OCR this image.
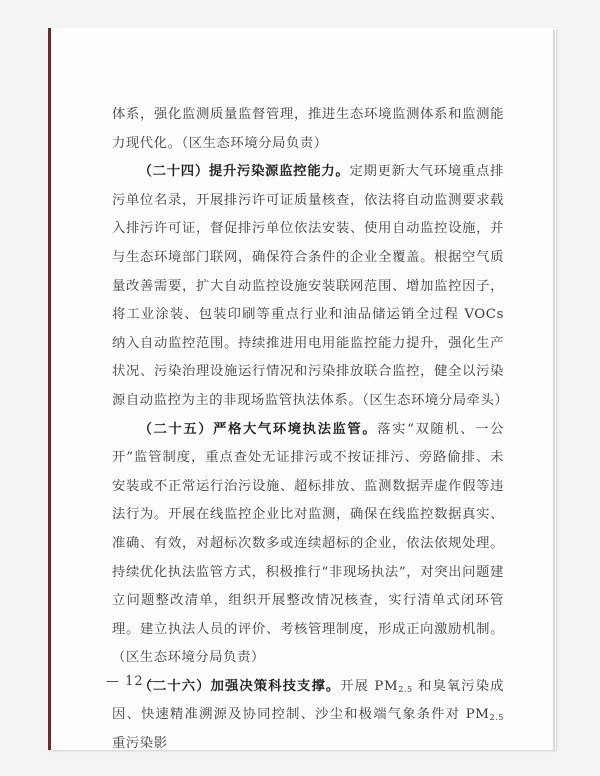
体系，强化监测质量监督管理，推进生态环境监测体系和监测能力现代化。（区生态环境分局负责）

（二十四）提升污染源监控能力。定期更新大气环境重点排污单位名录，开展排污许可证质量核查，依法将自动监测要求载入排污许可证，督促排污单位依法安装、使用自动监控设施，并与生态环境部门联网，确保符合条件的企业全覆盖。根据空气质量改善需要，扩大自动监控设施安装联网范围、增加监控因子，将工业涂装、包装印刷等重点行业和油品储运销全过程 VOCs 纳入自动监控范围。持续推进用电用能监控能力提升，强化生产状况、污染治理设施运行情况和污染排放联合监控，健全以污染源自动监控为主的非现场监管执法体系。（区生态环境分局牵头）

（二十五）严格大气环境执法监管。落实“双随机、一公开”监管制度，重点查处无证排污或不按证排污、旁路偷排、未安装或不正常运行治污设施、超标排放、监测数据弄虚作假等违法行为。开展在线监控企业比对监测，确保在线监控数据真实、准确、有效，对超标次数多或连续超标的企业，依法依规处理。持续优化执法监管方式，积极推行“非现场执法”，对突出问题建立问题整改清单，组织开展整改情况核查，实行清单式闭环管理。建立执法人员的评价、考核管理制度，形成正向激励机制。（区生态环境分局负责）

（二十六）加强决策科技支撑。开展 $PM_{2.5}$ 和臭氧污染成因、快速精准溯源及协同控制、沙尘和极端气象条件对 $PM_{2.5}$ 重污染影

— 12 —
